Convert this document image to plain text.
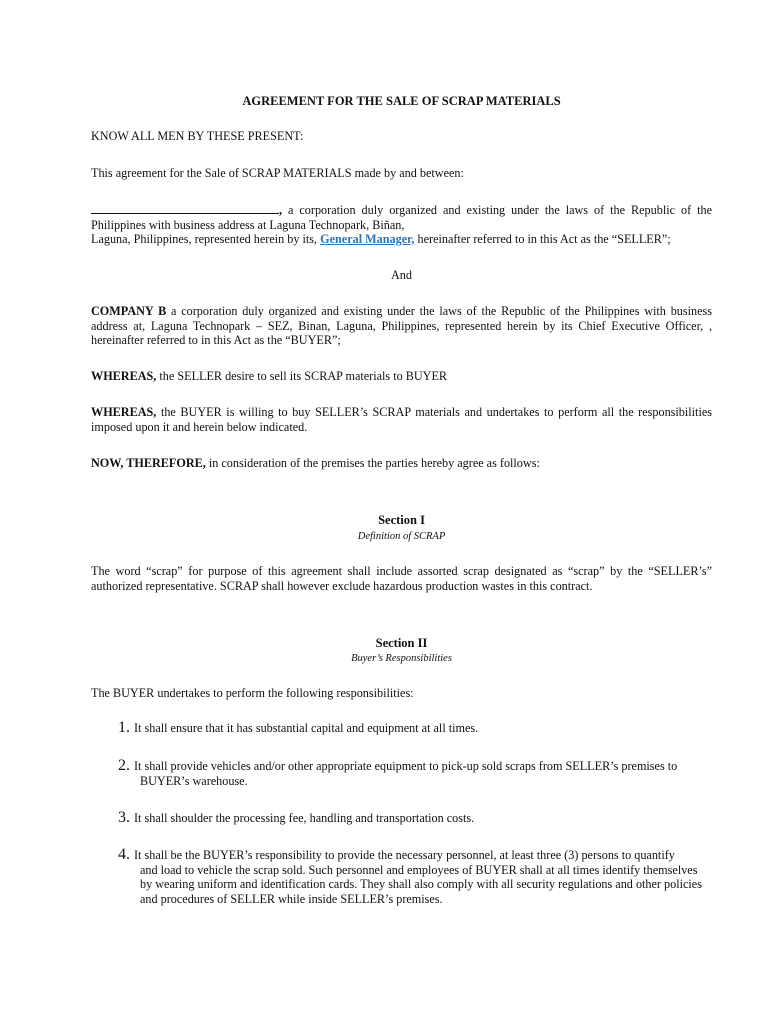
AGREEMENT FOR THE SALE OF SCRAP MATERIALS

KNOW ALL MEN BY THESE PRESENT:

This agreement for the Sale of SCRAP MATERIALS made by and between:

, a corporation duly organized and existing under the laws of the Republic of the Philippines with business address at Laguna Technopark, Biñan,
Laguna, Philippines, represented herein by its, General Manager, hereinafter referred to in this Act as the “SELLER”;

And

COMPANY B a corporation duly organized and existing under the laws of the Republic of the Philippines with business address at, Laguna Technopark – SEZ, Binan, Laguna, Philippines, represented herein by its Chief Executive Officer, , hereinafter referred to in this Act as the “BUYER”;

WHEREAS, the SELLER desire to sell its SCRAP materials to BUYER

WHEREAS, the BUYER is willing to buy SELLER’s SCRAP materials and undertakes to perform all the responsibilities imposed upon it and herein below indicated.

NOW, THEREFORE, in consideration of the premises the parties hereby agree as follows:

Section I

Definition of SCRAP

The word “scrap” for purpose of this agreement shall include assorted scrap designated as “scrap” by the “SELLER’s” authorized representative. SCRAP shall however exclude hazardous production wastes in this contract.

Section II

Buyer’s Responsibilities

The BUYER undertakes to perform the following responsibilities:

1. It shall ensure that it has substantial capital and equipment at all times.
2. It shall provide vehicles and/or other appropriate equipment to pick-up sold scraps from SELLER’s premises to
BUYER’s warehouse.
3. It shall shoulder the processing fee, handling and transportation costs.
4. It shall be the BUYER’s responsibility to provide the necessary personnel, at least three (3) persons to quantify
and load to vehicle the scrap sold. Such personnel and employees of BUYER shall at all times identify themselves by wearing uniform and identification cards. They shall also comply with all security regulations and other policies and procedures of SELLER while inside SELLER’s premises.
